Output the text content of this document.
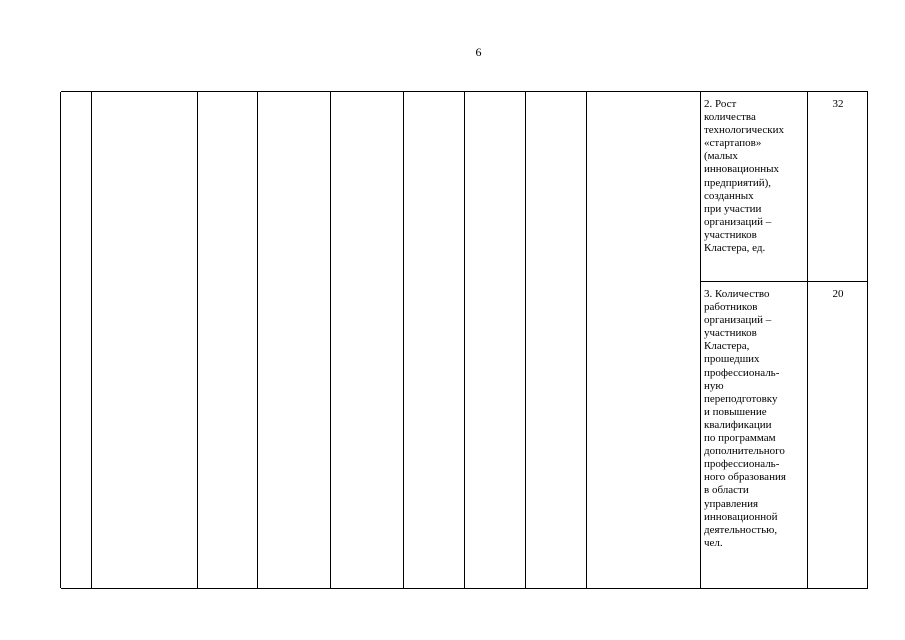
6
2. Рост
количества
технологических
«стартапов»
(малых
инновационных
предприятий),
созданных
при участии
организаций –
участников
Кластера, ед.
32
3. Количество
работников
организаций –
участников
Кластера,
прошедших
профессиональ-
ную
переподготовку
и повышение
квалификации
по программам
дополнительного
профессиональ-
ного образования
в области
управления
инновационной
деятельностью,
чел.
20
